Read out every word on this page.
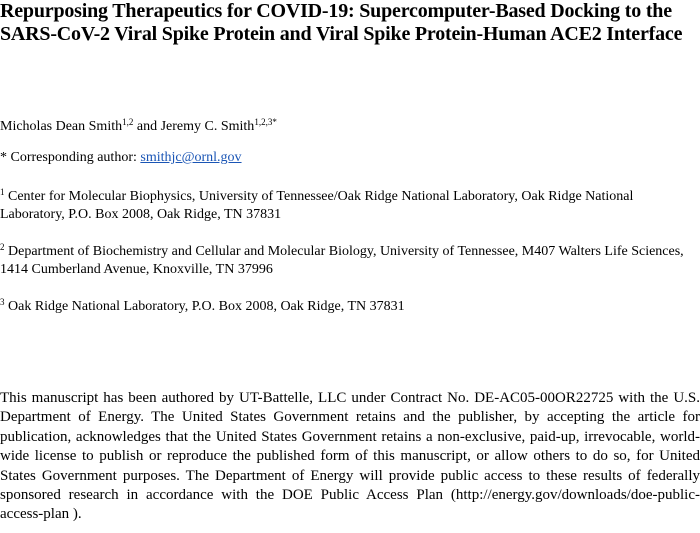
Repurposing Therapeutics for COVID-19: Supercomputer-Based Docking to the SARS-CoV-2 Viral Spike Protein and Viral Spike Protein-Human ACE2 Interface
Micholas Dean Smith$^{1,2}$ and Jeremy C. Smith$^{1,2,3*}$
* Corresponding author: smithjc@ornl.gov
$^1$ Center for Molecular Biophysics, University of Tennessee/Oak Ridge National Laboratory, Oak Ridge National Laboratory, P.O. Box 2008, Oak Ridge, TN 37831
$^2$ Department of Biochemistry and Cellular and Molecular Biology, University of Tennessee, M407 Walters Life Sciences, 1414 Cumberland Avenue, Knoxville, TN 37996
$^3$ Oak Ridge National Laboratory, P.O. Box 2008, Oak Ridge, TN 37831

This manuscript has been authored by UT-Battelle, LLC under Contract No. DE-AC05-00OR22725 with the U.S. Department of Energy. The United States Government retains and the publisher, by accepting the article for publication, acknowledges that the United States Government retains a non-exclusive, paid-up, irrevocable, world-wide license to publish or reproduce the published form of this manuscript, or allow others to do so, for United States Government purposes. The Department of Energy will provide public access to these results of federally sponsored research in accordance with the DOE Public Access Plan (http://energy.gov/downloads/doe-public-access-plan ).
